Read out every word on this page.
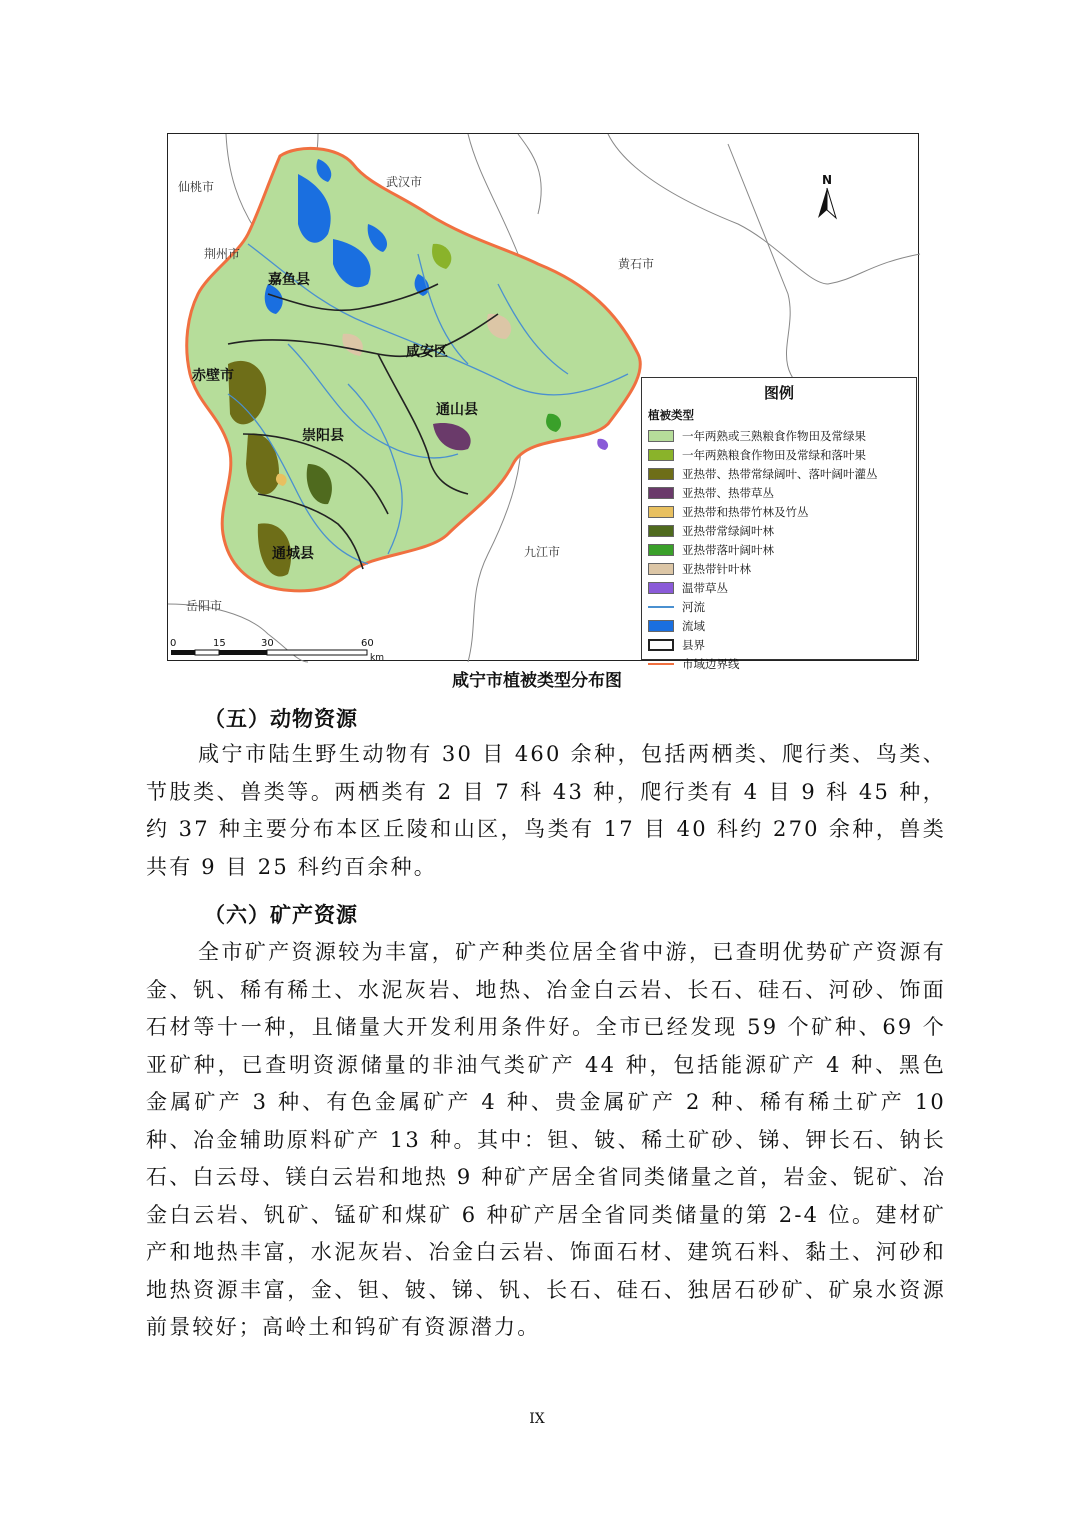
仙桃市	武汉市
荆州市
黄石市
嘉鱼县
咸安区
赤壁市
通山县
崇阳县
通城县	九江市
岳阳市
N
0	15	30	60
km
图例
植被类型
一年两熟或三熟粮食作物田及常绿果
一年两熟粮食作物田及常绿和落叶果
亚热带、热带常绿阔叶、落叶阔叶灌丛
亚热带、热带草丛
亚热带和热带竹林及竹丛
亚热带常绿阔叶林
亚热带落叶阔叶林
亚热带针叶林
温带草丛
河流
流域
县界
市域边界线
咸宁市植被类型分布图
（五）动物资源

咸宁市陆生野生动物有 30 目 460 余种，包括两栖类、爬行类、鸟类、节肢类、兽类等。两栖类有 2 目 7 科 43 种，爬行类有 4 目 9 科 45 种，约 37 种主要分布本区丘陵和山区，鸟类有 17 目 40 科约 270 余种，兽类共有 9 目 25 科约百余种。

（六）矿产资源

全市矿产资源较为丰富，矿产种类位居全省中游，已查明优势矿产资源有金、钒、稀有稀土、水泥灰岩、地热、冶金白云岩、长石、硅石、河砂、饰面石材等十一种，且储量大开发利用条件好。全市已经发现 59 个矿种、69 个亚矿种，已查明资源储量的非油气类矿产 44 种，包括能源矿产 4 种、黑色金属矿产 3 种、有色金属矿产 4 种、贵金属矿产 2 种、稀有稀土矿产 10 种、冶金辅助原料矿产 13 种。其中：钽、铍、稀土矿砂、锑、钾长石、钠长石、白云母、镁白云岩和地热 9 种矿产居全省同类储量之首，岩金、铌矿、冶金白云岩、钒矿、锰矿和煤矿 6 种矿产居全省同类储量的第 2-4 位。建材矿产和地热丰富，水泥灰岩、冶金白云岩、饰面石材、建筑石料、黏土、河砂和地热资源丰富，金、钽、铍、锑、钒、长石、硅石、独居石砂矿、矿泉水资源前景较好；高岭土和钨矿有资源潜力。

IX
